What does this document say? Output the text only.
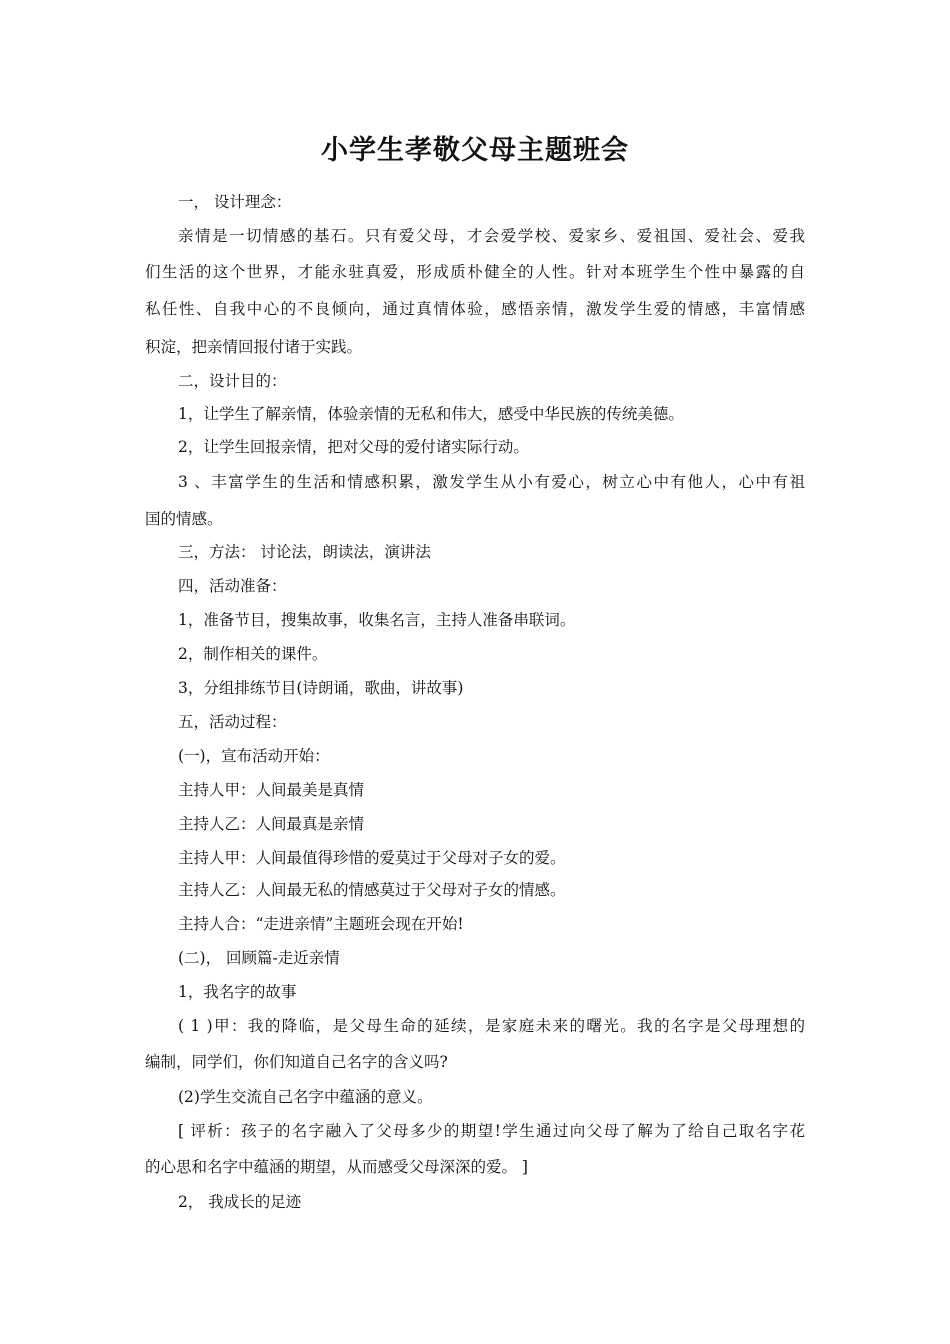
小学生孝敬父母主题班会
一， 设计理念：
亲情是一切情感的基石。只有爱父母，才会爱学校、爱家乡、爱祖国、爱社会、爱我
们生活的这个世界，才能永驻真爱，形成质朴健全的人性。针对本班学生个性中暴露的自
私任性、自我中心的不良倾向，通过真情体验，感悟亲情，激发学生爱的情感，丰富情感
积淀，把亲情回报付诸于实践。
二，设计目的：
1，让学生了解亲情，体验亲情的无私和伟大，感受中华民族的传统美德。
2，让学生回报亲情，把对父母的爱付诸实际行动。
3 、丰富学生的生活和情感积累，激发学生从小有爱心，树立心中有他人，心中有祖
国的情感。
三，方法： 讨论法，朗读法，演讲法
四，活动准备：
1，准备节目，搜集故事，收集名言，主持人准备串联词。
2，制作相关的课件。
3，分组排练节目(诗朗诵，歌曲，讲故事)
五，活动过程：
(一)，宣布活动开始：
主持人甲：人间最美是真情
主持人乙：人间最真是亲情
主持人甲：人间最值得珍惜的爱莫过于父母对子女的爱。
主持人乙：人间最无私的情感莫过于父母对子女的情感。
主持人合：“走进亲情”主题班会现在开始!
(二)， 回顾篇-走近亲情
1，我名字的故事
( 1 )甲：我的降临，是父母生命的延续，是家庭未来的曙光。我的名字是父母理想的
编制，同学们，你们知道自己名字的含义吗?
(2)学生交流自己名字中蕴涵的意义。
[ 评析：孩子的名字融入了父母多少的期望!学生通过向父母了解为了给自己取名字花
的心思和名字中蕴涵的期望，从而感受父母深深的爱。 ]
2， 我成长的足迹
